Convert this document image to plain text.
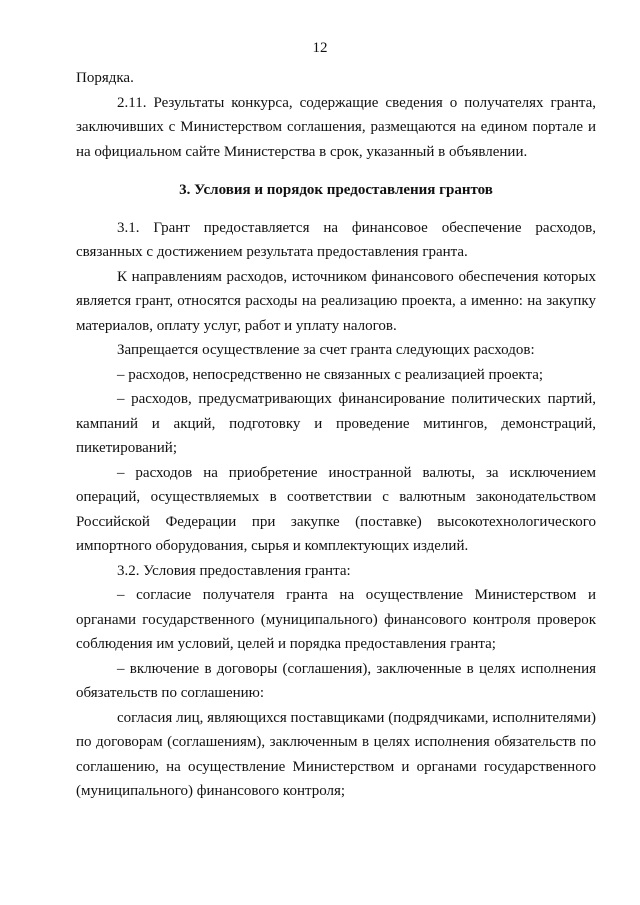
12

Порядка.

2.11. Результаты конкурса, содержащие сведения о получателях гранта, заключивших с Министерством соглашения, размещаются на едином портале и на официальном сайте Министерства в срок, указанный в объявлении.

3. Условия и порядок предоставления грантов

3.1. Грант предоставляется на финансовое обеспечение расходов, связанных с достижением результата предоставления гранта.

К направлениям расходов, источником финансового обеспечения которых является грант, относятся расходы на реализацию проекта, а именно: на закупку материалов, оплату услуг, работ и уплату налогов.

Запрещается осуществление за счет гранта следующих расходов:

– расходов, непосредственно не связанных с реализацией проекта;

– расходов, предусматривающих финансирование политических партий, кампаний и акций, подготовку и проведение митингов, демонстраций, пикетирований;

– расходов на приобретение иностранной валюты, за исключением операций, осуществляемых в соответствии с валютным законодательством Российской Федерации при закупке (поставке) высокотехнологического импортного оборудования, сырья и комплектующих изделий.

3.2. Условия предоставления гранта:

– согласие получателя гранта на осуществление Министерством и органами государственного (муниципального) финансового контроля проверок соблюдения им условий, целей и порядка предоставления гранта;

– включение в договоры (соглашения), заключенные в целях исполнения обязательств по соглашению:

согласия лиц, являющихся поставщиками (подрядчиками, исполнителями) по договорам (соглашениям), заключенным в целях исполнения обязательств по соглашению, на осуществление Министерством и органами государственного (муниципального) финансового контроля;
